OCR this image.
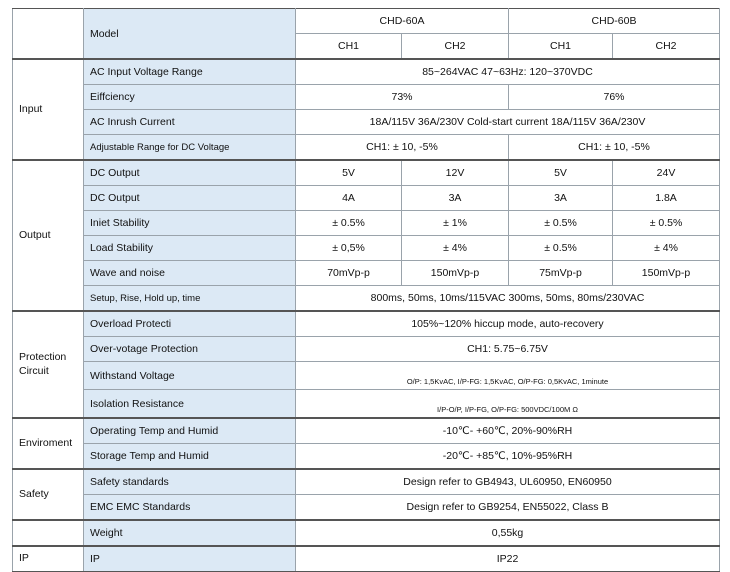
	Model	CHD-60A		CHD-60B	
		CH1	CH2	CH1	CH2
Input	AC Input Voltage Range	85~264VAC 47~63Hz: 120~370VDC			
	Eiffciency	73%		76%	
	AC Inrush Current	18A/115V 36A/230V Cold-start current 18A/115V 36A/230V			
	Adjustable Range for DC Voltage	CH1: ± 10, -5%		CH1: ± 10, -5%	
Output	DC Output	5V	12V	5V	24V
	DC Output	4A	3A	3A	1.8A
	Iniet Stability	± 0.5%	± 1%	± 0.5%	± 0.5%
	Load Stability	± 0,5%	± 4%	± 0.5%	± 4%
	Wave and noise	70mVp-p	150mVp-p	75mVp-p	150mVp-p
	Setup, Rise, Hold up, time	800ms, 50ms, 10ms/115VAC 300ms, 50ms, 80ms/230VAC			
Protection
Circuit	Overload Protecti	105%~120% hiccup mode, auto-recovery			
	Over-votage Protection	CH1: 5.75~6.75V			
	Withstand Voltage	O/P: 1,5KvAC, I/P-FG: 1,5KvAC, O/P-FG: 0,5KvAC, 1minute			
	Isolation Resistance	I/P-O/P, I/P-FG, O/P-FG: 500VDC/100M Ω			
Enviroment	Operating Temp and Humid	-10℃- +60℃, 20%-90%RH			
	Storage Temp and Humid	-20℃- +85℃, 10%-95%RH			
Safety	Safety standards	Design refer to GB4943, UL60950, EN60950			
	EMC EMC Standards	Design refer to GB9254, EN55022, Class B			
	Weight	0,55kg			
IP	IP	IP22			
